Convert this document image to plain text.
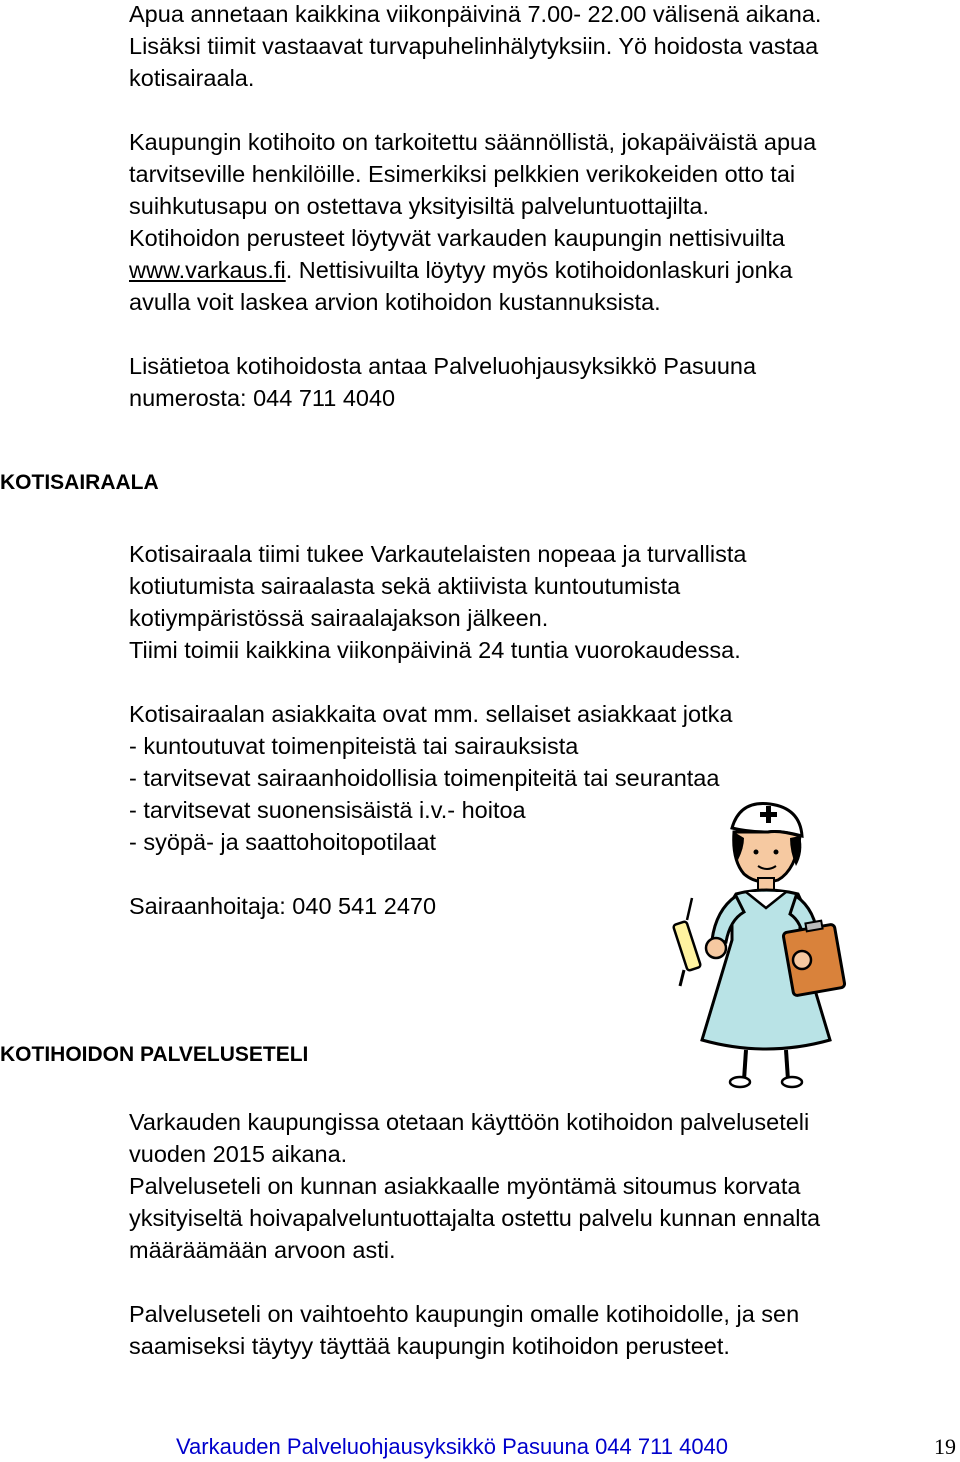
Apua annetaan kaikkina viikonpäivinä 7.00- 22.00 välisenä aikana.
Lisäksi tiimit vastaavat turvapuhelinhälytyksiin. Yö hoidosta vastaa
kotisairaala.
Kaupungin kotihoito on tarkoitettu säännöllistä, jokapäiväistä apua
tarvitseville henkilöille. Esimerkiksi pelkkien verikokeiden otto tai
suihkutusapu on ostettava yksityisiltä palveluntuottajilta.
Kotihoidon perusteet löytyvät varkauden kaupungin nettisivuilta
www.varkaus.fi. Nettisivuilta löytyy myös kotihoidonlaskuri jonka
avulla voit laskea arvion kotihoidon kustannuksista.
Lisätietoa kotihoidosta antaa Palveluohjausyksikkö Pasuuna
numerosta: 044 711 4040
KOTISAIRAALA
Kotisairaala tiimi tukee Varkautelaisten nopeaa ja turvallista
kotiutumista sairaalasta sekä aktiivista kuntoutumista
kotiympäristössä sairaalajakson jälkeen.
Tiimi toimii kaikkina viikonpäivinä 24 tuntia vuorokaudessa.
Kotisairaalan asiakkaita ovat mm. sellaiset asiakkaat jotka
- kuntoutuvat toimenpiteistä tai sairauksista
- tarvitsevat sairaanhoidollisia toimenpiteitä tai seurantaa
- tarvitsevat suonensisäistä i.v.- hoitoa
- syöpä- ja saattohoitopotilaat
Sairaanhoitaja: 040 541 2470
KOTIHOIDON PALVELUSETELI
Varkauden kaupungissa otetaan käyttöön kotihoidon palveluseteli
vuoden 2015 aikana.
Palveluseteli on kunnan asiakkaalle myöntämä sitoumus korvata
yksityiseltä hoivapalveluntuottajalta ostettu palvelu kunnan ennalta
määräämään arvoon asti.
Palveluseteli on vaihtoehto kaupungin omalle kotihoidolle, ja sen
saamiseksi täytyy täyttää kaupungin kotihoidon perusteet.
Varkauden Palveluohjausyksikkö Pasuuna 044 711 4040	19
